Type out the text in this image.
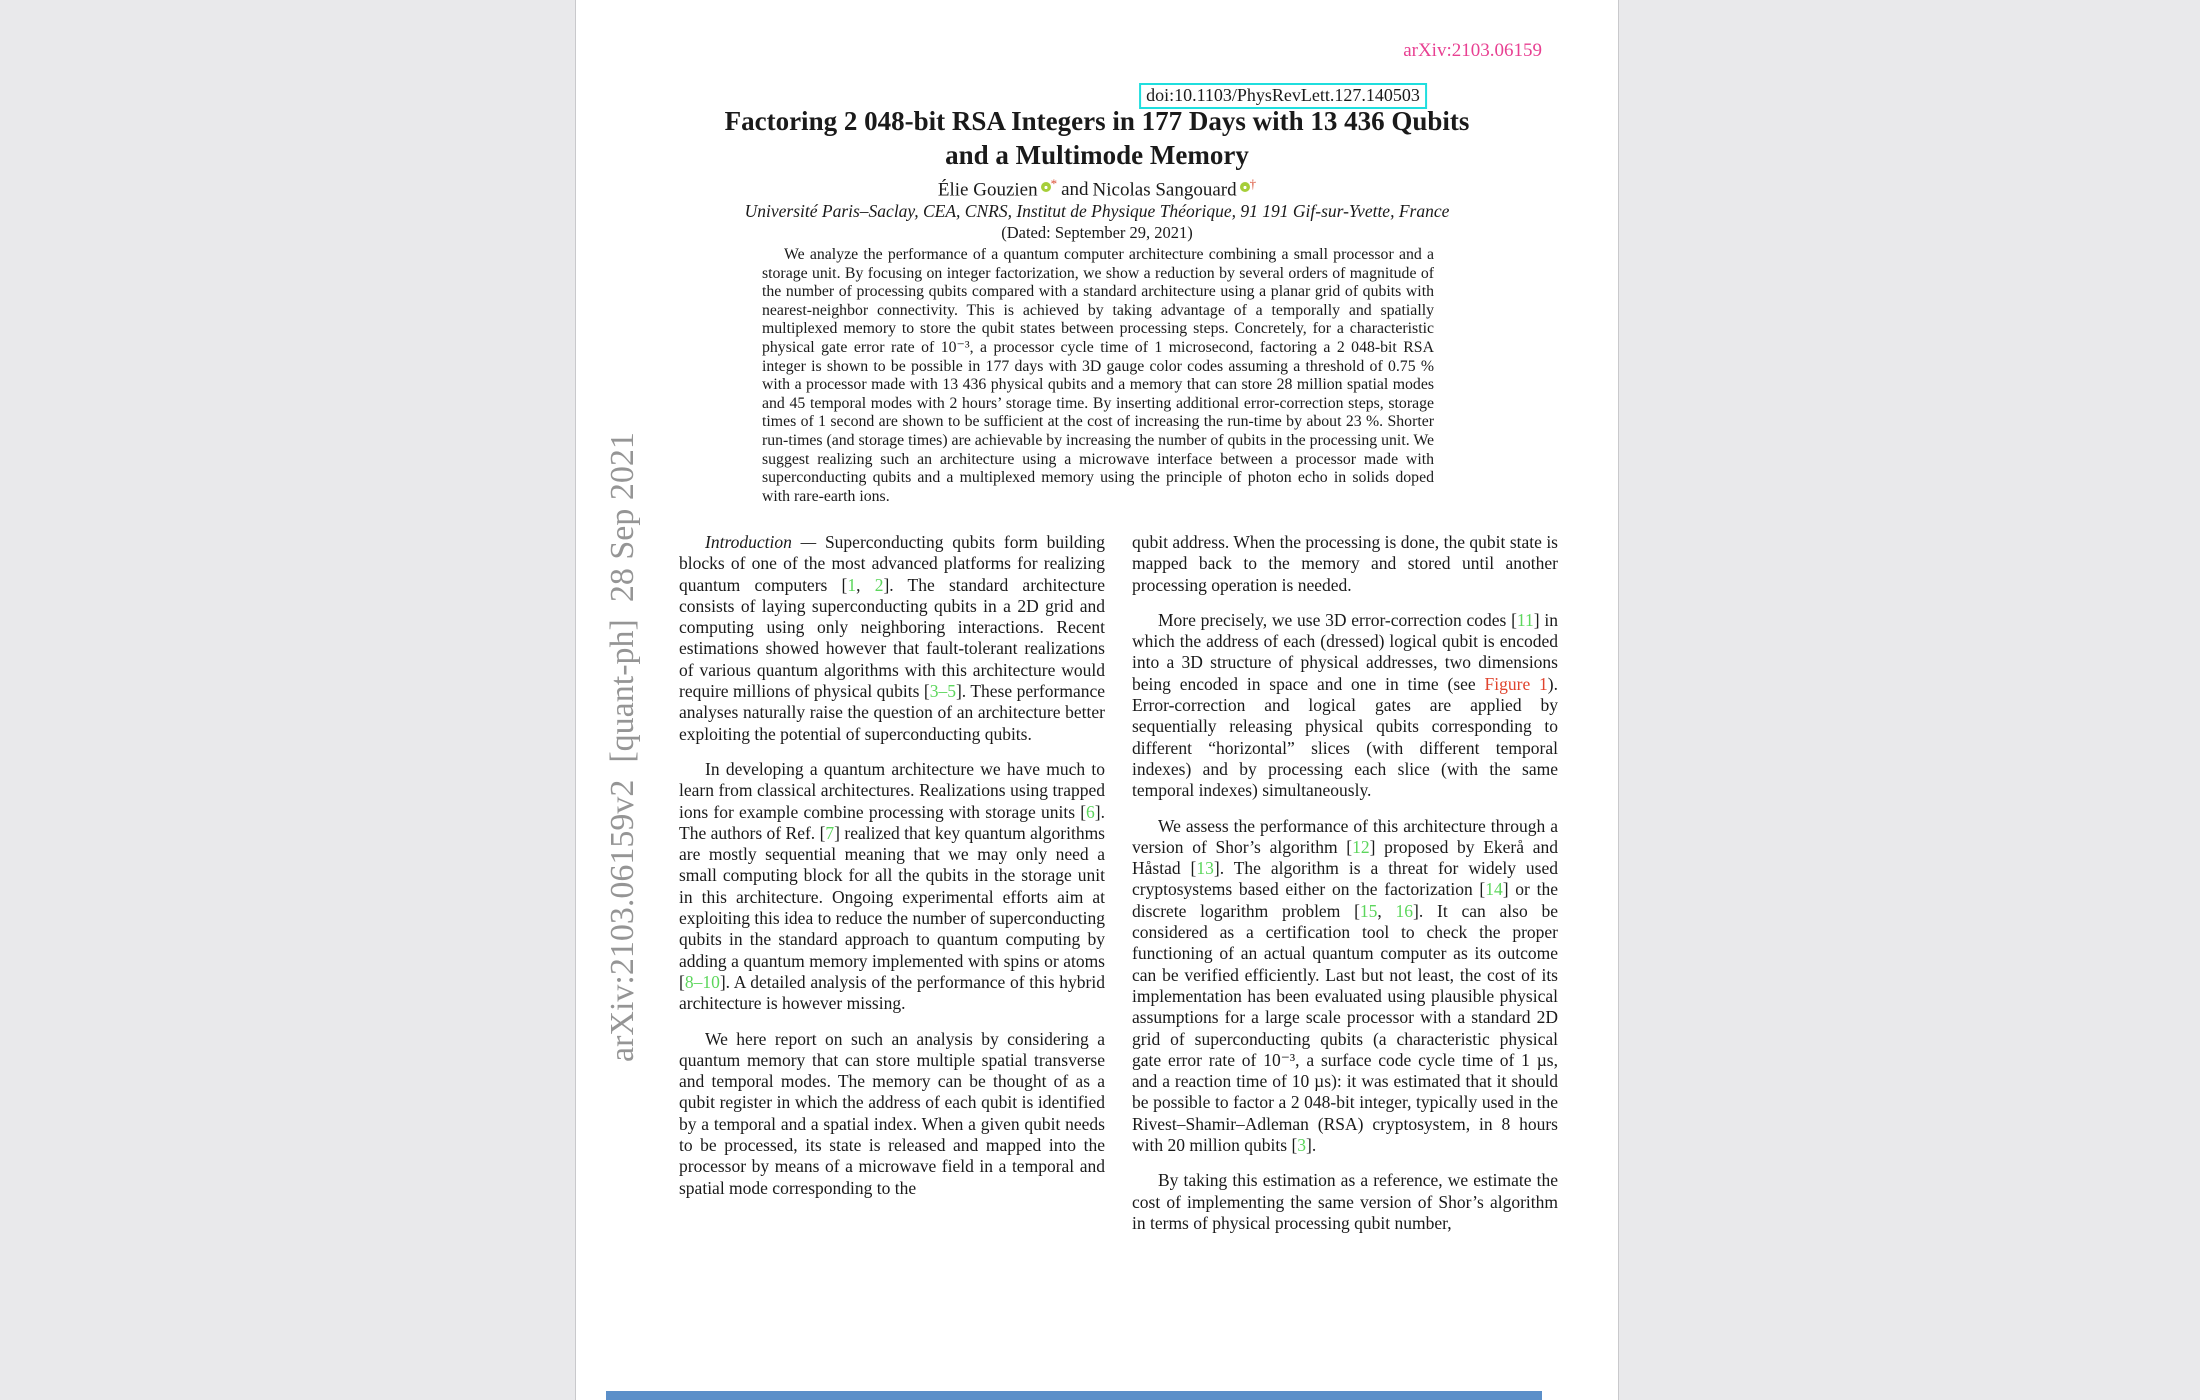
arXiv:2103.06159
doi:10.1103/PhysRevLett.127.140503
Factoring 2 048-bit RSA Integers in 177 Days with 13 436 Qubits
and a Multimode Memory
Élie Gouzien * and Nicolas Sangouard †
Université Paris–Saclay, CEA, CNRS, Institut de Physique Théorique, 91 191 Gif-sur-Yvette, France
(Dated: September 29, 2021)
We analyze the performance of a quantum computer architecture combining a small processor and a storage unit. By focusing on integer factorization, we show a reduction by several orders of magnitude of the number of processing qubits compared with a standard architecture using a planar grid of qubits with nearest-neighbor connectivity. This is achieved by taking advantage of a temporally and spatially multiplexed memory to store the qubit states between processing steps. Concretely, for a characteristic physical gate error rate of 10⁻³, a processor cycle time of 1 microsecond, factoring a 2 048-bit RSA integer is shown to be possible in 177 days with 3D gauge color codes assuming a threshold of 0.75 % with a processor made with 13 436 physical qubits and a memory that can store 28 million spatial modes and 45 temporal modes with 2 hours’ storage time. By inserting additional error-correction steps, storage times of 1 second are shown to be sufficient at the cost of increasing the run-time by about 23 %. Shorter run-times (and storage times) are achievable by increasing the number of qubits in the processing unit. We suggest realizing such an architecture using a microwave interface between a processor made with superconducting qubits and a multiplexed memory using the principle of photon echo in solids doped with rare-earth ions.

Introduction — Superconducting qubits form building blocks of one of the most advanced platforms for realizing quantum computers [1, 2]. The standard architecture consists of laying superconducting qubits in a 2D grid and computing using only neighboring interactions. Recent estimations showed however that fault-tolerant realizations of various quantum algorithms with this architecture would require millions of physical qubits [3–5]. These performance analyses naturally raise the question of an architecture better exploiting the potential of superconducting qubits.

In developing a quantum architecture we have much to learn from classical architectures. Realizations using trapped ions for example combine processing with storage units [6]. The authors of Ref. [7] realized that key quantum algorithms are mostly sequential meaning that we may only need a small computing block for all the qubits in the storage unit in this architecture. Ongoing experimental efforts aim at exploiting this idea to reduce the number of superconducting qubits in the standard approach to quantum computing by adding a quantum memory implemented with spins or atoms [8–10]. A detailed analysis of the performance of this hybrid architecture is however missing.

We here report on such an analysis by considering a quantum memory that can store multiple spatial transverse and temporal modes. The memory can be thought of as a qubit register in which the address of each qubit is identified by a temporal and a spatial index. When a given qubit needs to be processed, its state is released and mapped into the processor by means of a microwave field in a temporal and spatial mode corresponding to the

qubit address. When the processing is done, the qubit state is mapped back to the memory and stored until another processing operation is needed.

More precisely, we use 3D error-correction codes [11] in which the address of each (dressed) logical qubit is encoded into a 3D structure of physical addresses, two dimensions being encoded in space and one in time (see Figure 1). Error-correction and logical gates are applied by sequentially releasing physical qubits corresponding to different “horizontal” slices (with different temporal indexes) and by processing each slice (with the same temporal indexes) simultaneously.

We assess the performance of this architecture through a version of Shor’s algorithm [12] proposed by Ekerå and Håstad [13]. The algorithm is a threat for widely used cryptosystems based either on the factorization [14] or the discrete logarithm problem [15, 16]. It can also be considered as a certification tool to check the proper functioning of an actual quantum computer as its outcome can be verified efficiently. Last but not least, the cost of its implementation has been evaluated using plausible physical assumptions for a large scale processor with a standard 2D grid of superconducting qubits (a characteristic physical gate error rate of 10⁻³, a surface code cycle time of 1 µs, and a reaction time of 10 µs): it was estimated that it should be possible to factor a 2 048-bit integer, typically used in the Rivest–Shamir–Adleman (RSA) cryptosystem, in 8 hours with 20 million qubits [3].

By taking this estimation as a reference, we estimate the cost of implementing the same version of Shor’s algorithm in terms of physical processing qubit number,

arXiv:2103.06159v2  [quant-ph]  28 Sep 2021
